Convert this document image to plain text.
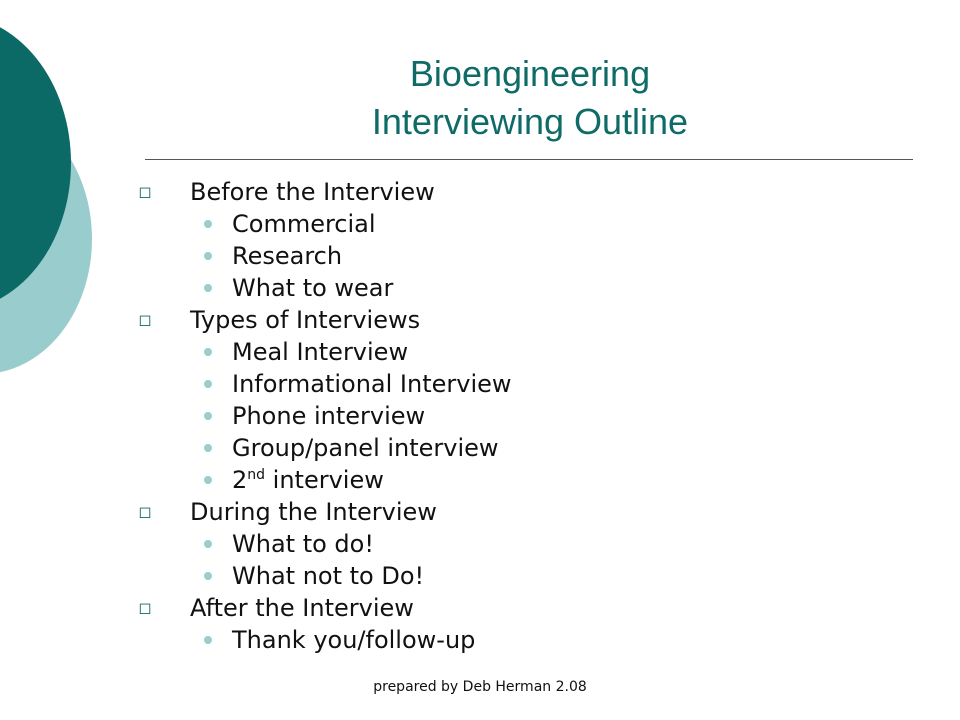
Bioengineering
Interviewing Outline
◻	Before the Interview
Commercial
Research
What to wear
◻	Types of Interviews
Meal Interview
Informational Interview
Phone interview
Group/panel interview
2nd interview
◻	During the Interview
What to do!
What not to Do!
◻	After the Interview
Thank you/follow-up
prepared by Deb Herman 2.08
